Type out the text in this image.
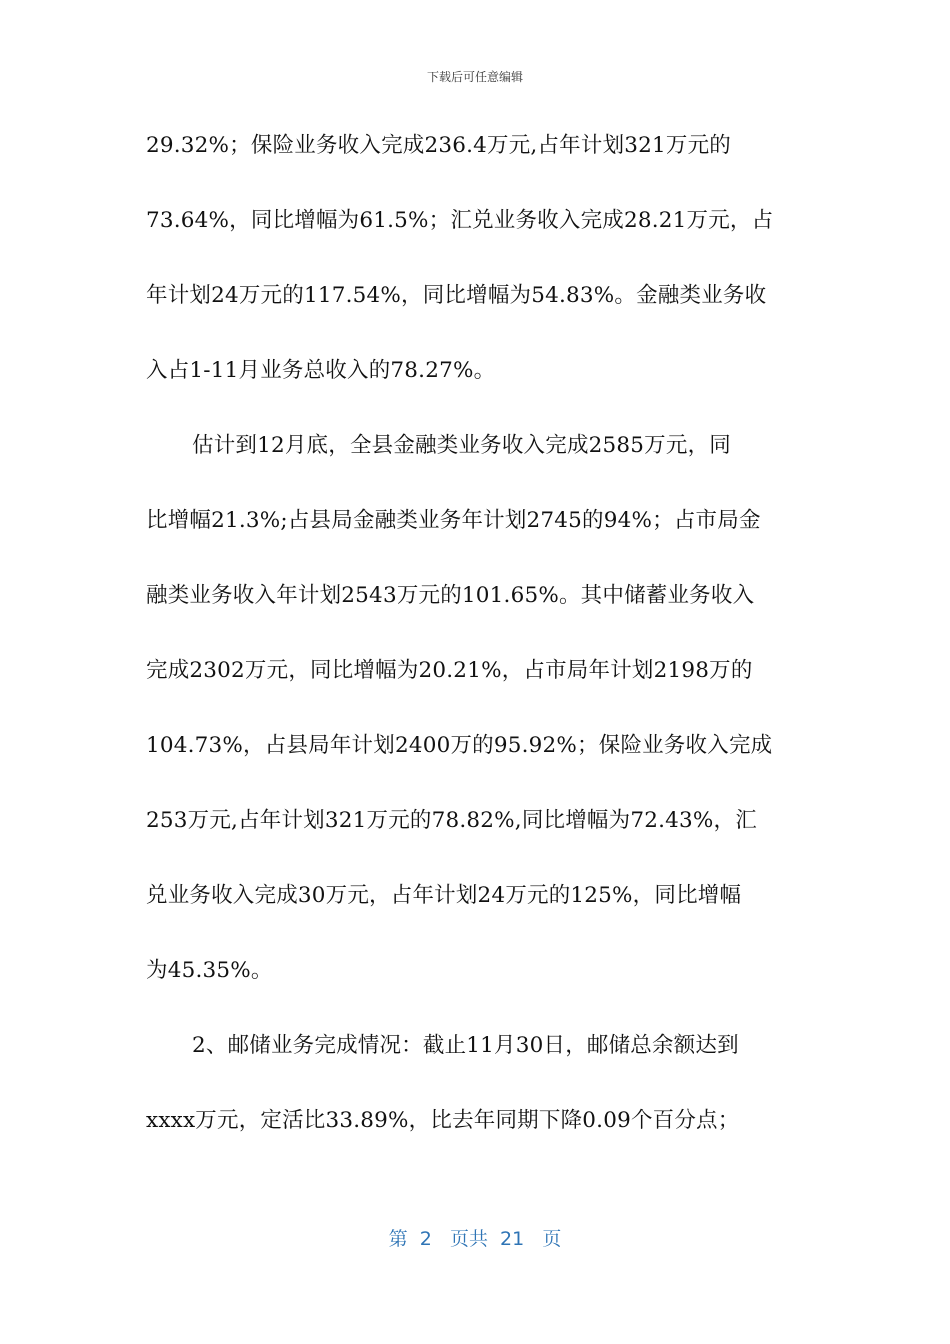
下载后可任意编辑
29.32%；保险业务收入完成236.4万元,占年计划321万元的
73.64%，同比增幅为61.5%；汇兑业务收入完成28.21万元，占
年计划24万元的117.54%，同比增幅为54.83%。金融类业务收
入占1-11月业务总收入的78.27%。
估计到12月底，全县金融类业务收入完成2585万元，同
比增幅21.3%;占县局金融类业务年计划2745的94%；占市局金
融类业务收入年计划2543万元的101.65%。其中储蓄业务收入
完成2302万元，同比增幅为20.21%，占市局年计划2198万的
104.73%，占县局年计划2400万的95.92%；保险业务收入完成
253万元,占年计划321万元的78.82%,同比增幅为72.43%，汇
兑业务收入完成30万元，占年计划24万元的125%，同比增幅
为45.35%。
2、邮储业务完成情况：截止11月30日，邮储总余额达到
xxxx万元，定活比33.89%，比去年同期下降0.09个百分点；
第  2   页共  21   页
